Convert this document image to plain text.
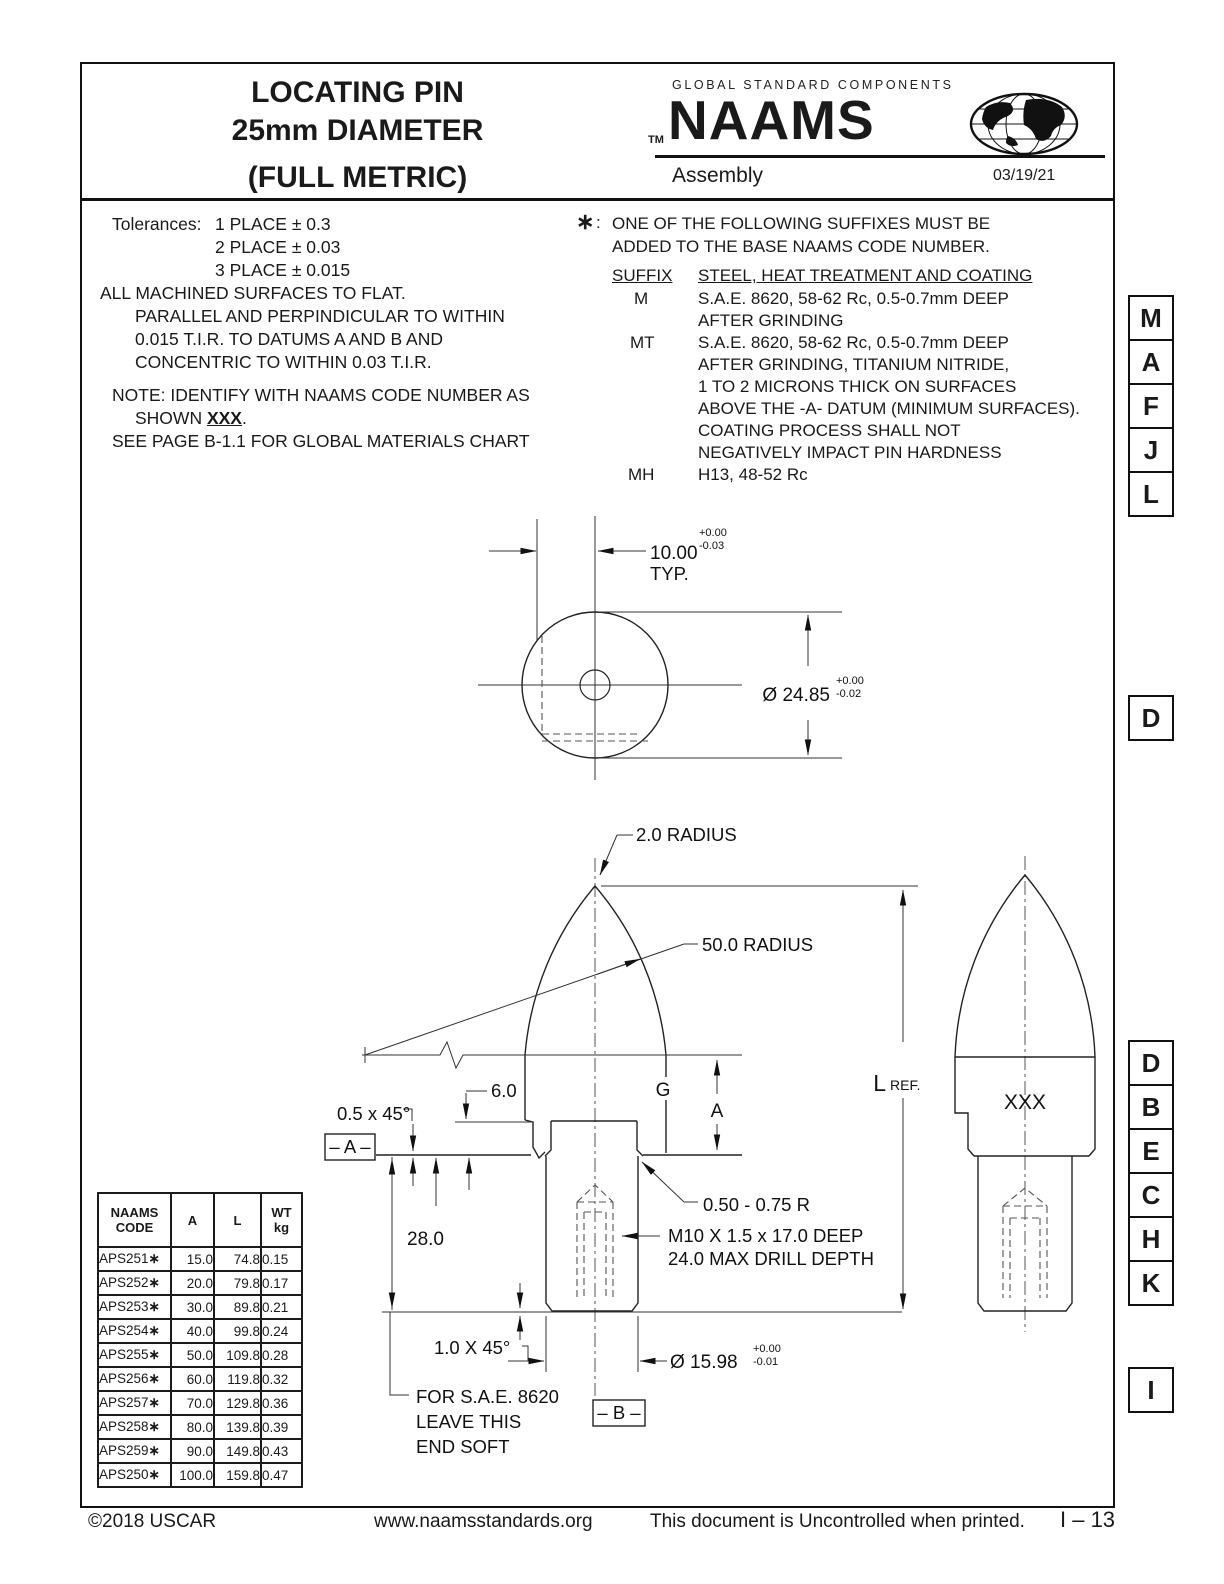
LOCATING PIN
25mm DIAMETER
(FULL METRIC)
GLOBAL STANDARD COMPONENTS
TM NAAMS
Assembly	03/19/21
Tolerances: 1 PLACE ± 0.3
2 PLACE ± 0.03
3 PLACE ± 0.015
ALL MACHINED SURFACES TO FLAT.
PARALLEL AND PERPINDICULAR TO WITHIN
0.015 T.I.R. TO DATUMS A AND B AND
CONCENTRIC TO WITHIN 0.03 T.I.R.
NOTE: IDENTIFY WITH NAAMS CODE NUMBER AS
SHOWN XXX.
SEE PAGE B-1.1 FOR GLOBAL MATERIALS CHART
∗ : ONE OF THE FOLLOWING SUFFIXES MUST BE
ADDED TO THE BASE NAAMS CODE NUMBER.
SUFFIX STEEL, HEAT TREATMENT AND COATING
M	S.A.E. 8620, 58-62 Rc, 0.5-0.7mm DEEP
AFTER GRINDING
MT	S.A.E. 8620, 58-62 Rc, 0.5-0.7mm DEEP
AFTER GRINDING, TITANIUM NITRIDE,
1 TO 2 MICRONS THICK ON SURFACES
ABOVE THE -A- DATUM (MINIMUM SURFACES).
COATING PROCESS SHALL NOT
NEGATIVELY IMPACT PIN HARDNESS
MH	H13, 48-52 Rc
10.00
TYP.
+0.00
-0.03
Ø 24.85
+0.00
-0.02
50.0 RADIUS
2.0 RADIUS
L REF.
6.0	G
A
0.5 x 45°
– A –
28.0
0.50 - 0.75 R
M10 X 1.5 x 17.0 DEEP
24.0 MAX DRILL DEPTH
1.0 X 45°
Ø 15.98
+0.00
-0.01
FOR S.A.E. 8620
LEAVE THIS
END SOFT
– B –
XXX
NAAMS
CODE	A	L	WT
kg

APS251∗	15.0	74.8	0.15
APS252∗	20.0	79.8	0.17
APS253∗	30.0	89.8	0.21
APS254∗	40.0	99.8	0.24
APS255∗	50.0	109.8	0.28
APS256∗	60.0	119.8	0.32
APS257∗	70.0	129.8	0.36
APS258∗	80.0	139.8	0.39
APS259∗	90.0	149.8	0.43
APS250∗	100.0	159.8	0.47
M
A
F
J
L
D
D
B
E
C
H
K
I
©2018 USCAR	www.naamsstandards.org	This document is Uncontrolled when printed. I – 13
